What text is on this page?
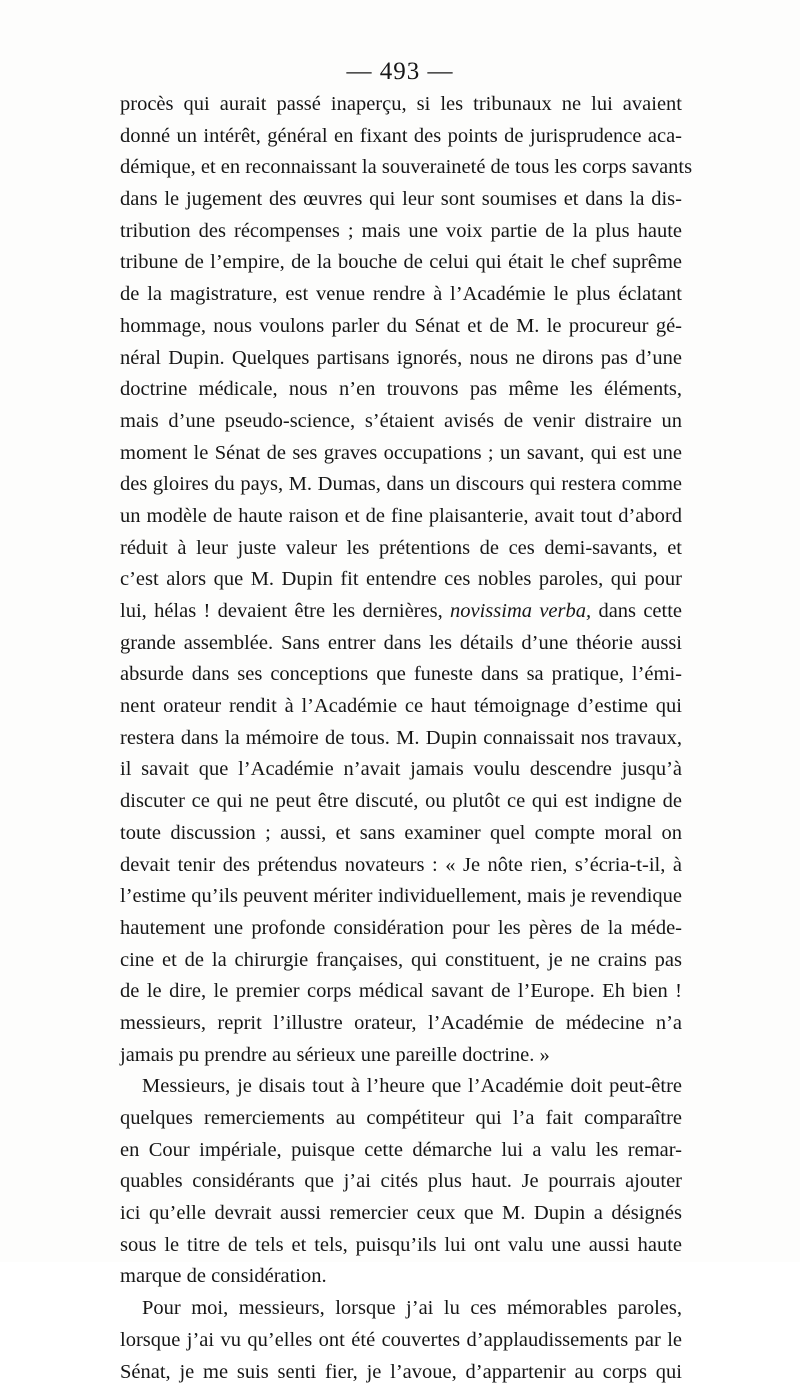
— 493 —
procès qui aurait passé inaperçu, si les tribunaux ne lui avaient
donné un intérêt, général en fixant des points de jurisprudence aca-
démique, et en reconnaissant la souveraineté de tous les corps savants
dans le jugement des œuvres qui leur sont soumises et dans la dis-
tribution des récompenses ; mais une voix partie de la plus haute
tribune de l’empire, de la bouche de celui qui était le chef suprême
de la magistrature, est venue rendre à l’Académie le plus éclatant
hommage, nous voulons parler du Sénat et de M. le procureur gé-
néral Dupin. Quelques partisans ignorés, nous ne dirons pas d’une
doctrine médicale, nous n’en trouvons pas même les éléments,
mais d’une pseudo-science, s’étaient avisés de venir distraire un
moment le Sénat de ses graves occupations ; un savant, qui est une
des gloires du pays, M. Dumas, dans un discours qui restera comme
un modèle de haute raison et de fine plaisanterie, avait tout d’abord
réduit à leur juste valeur les prétentions de ces demi-savants, et
c’est alors que M. Dupin fit entendre ces nobles paroles, qui pour
lui, hélas ! devaient être les dernières, novissima verba, dans cette
grande assemblée. Sans entrer dans les détails d’une théorie aussi
absurde dans ses conceptions que funeste dans sa pratique, l’émi-
nent orateur rendit à l’Académie ce haut témoignage d’estime qui
restera dans la mémoire de tous. M. Dupin connaissait nos travaux,
il savait que l’Académie n’avait jamais voulu descendre jusqu’à
discuter ce qui ne peut être discuté, ou plutôt ce qui est indigne de
toute discussion ; aussi, et sans examiner quel compte moral on
devait tenir des prétendus novateurs : « Je nôte rien, s’écria-t-il, à
l’estime qu’ils peuvent mériter individuellement, mais je revendique
hautement une profonde considération pour les pères de la méde-
cine et de la chirurgie françaises, qui constituent, je ne crains pas
de le dire, le premier corps médical savant de l’Europe. Eh bien !
messieurs, reprit l’illustre orateur, l’Académie de médecine n’a
jamais pu prendre au sérieux une pareille doctrine. »
Messieurs, je disais tout à l’heure que l’Académie doit peut-être
quelques remerciements au compétiteur qui l’a fait comparaître
en Cour impériale, puisque cette démarche lui a valu les remar-
quables considérants que j’ai cités plus haut. Je pourrais ajouter
ici qu’elle devrait aussi remercier ceux que M. Dupin a désignés
sous le titre de tels et tels, puisqu’ils lui ont valu une aussi haute
marque de considération.
Pour moi, messieurs, lorsque j’ai lu ces mémorables paroles,
lorsque j’ai vu qu’elles ont été couvertes d’applaudissements par le
Sénat, je me suis senti fier, je l’avoue, d’appartenir au corps qui
